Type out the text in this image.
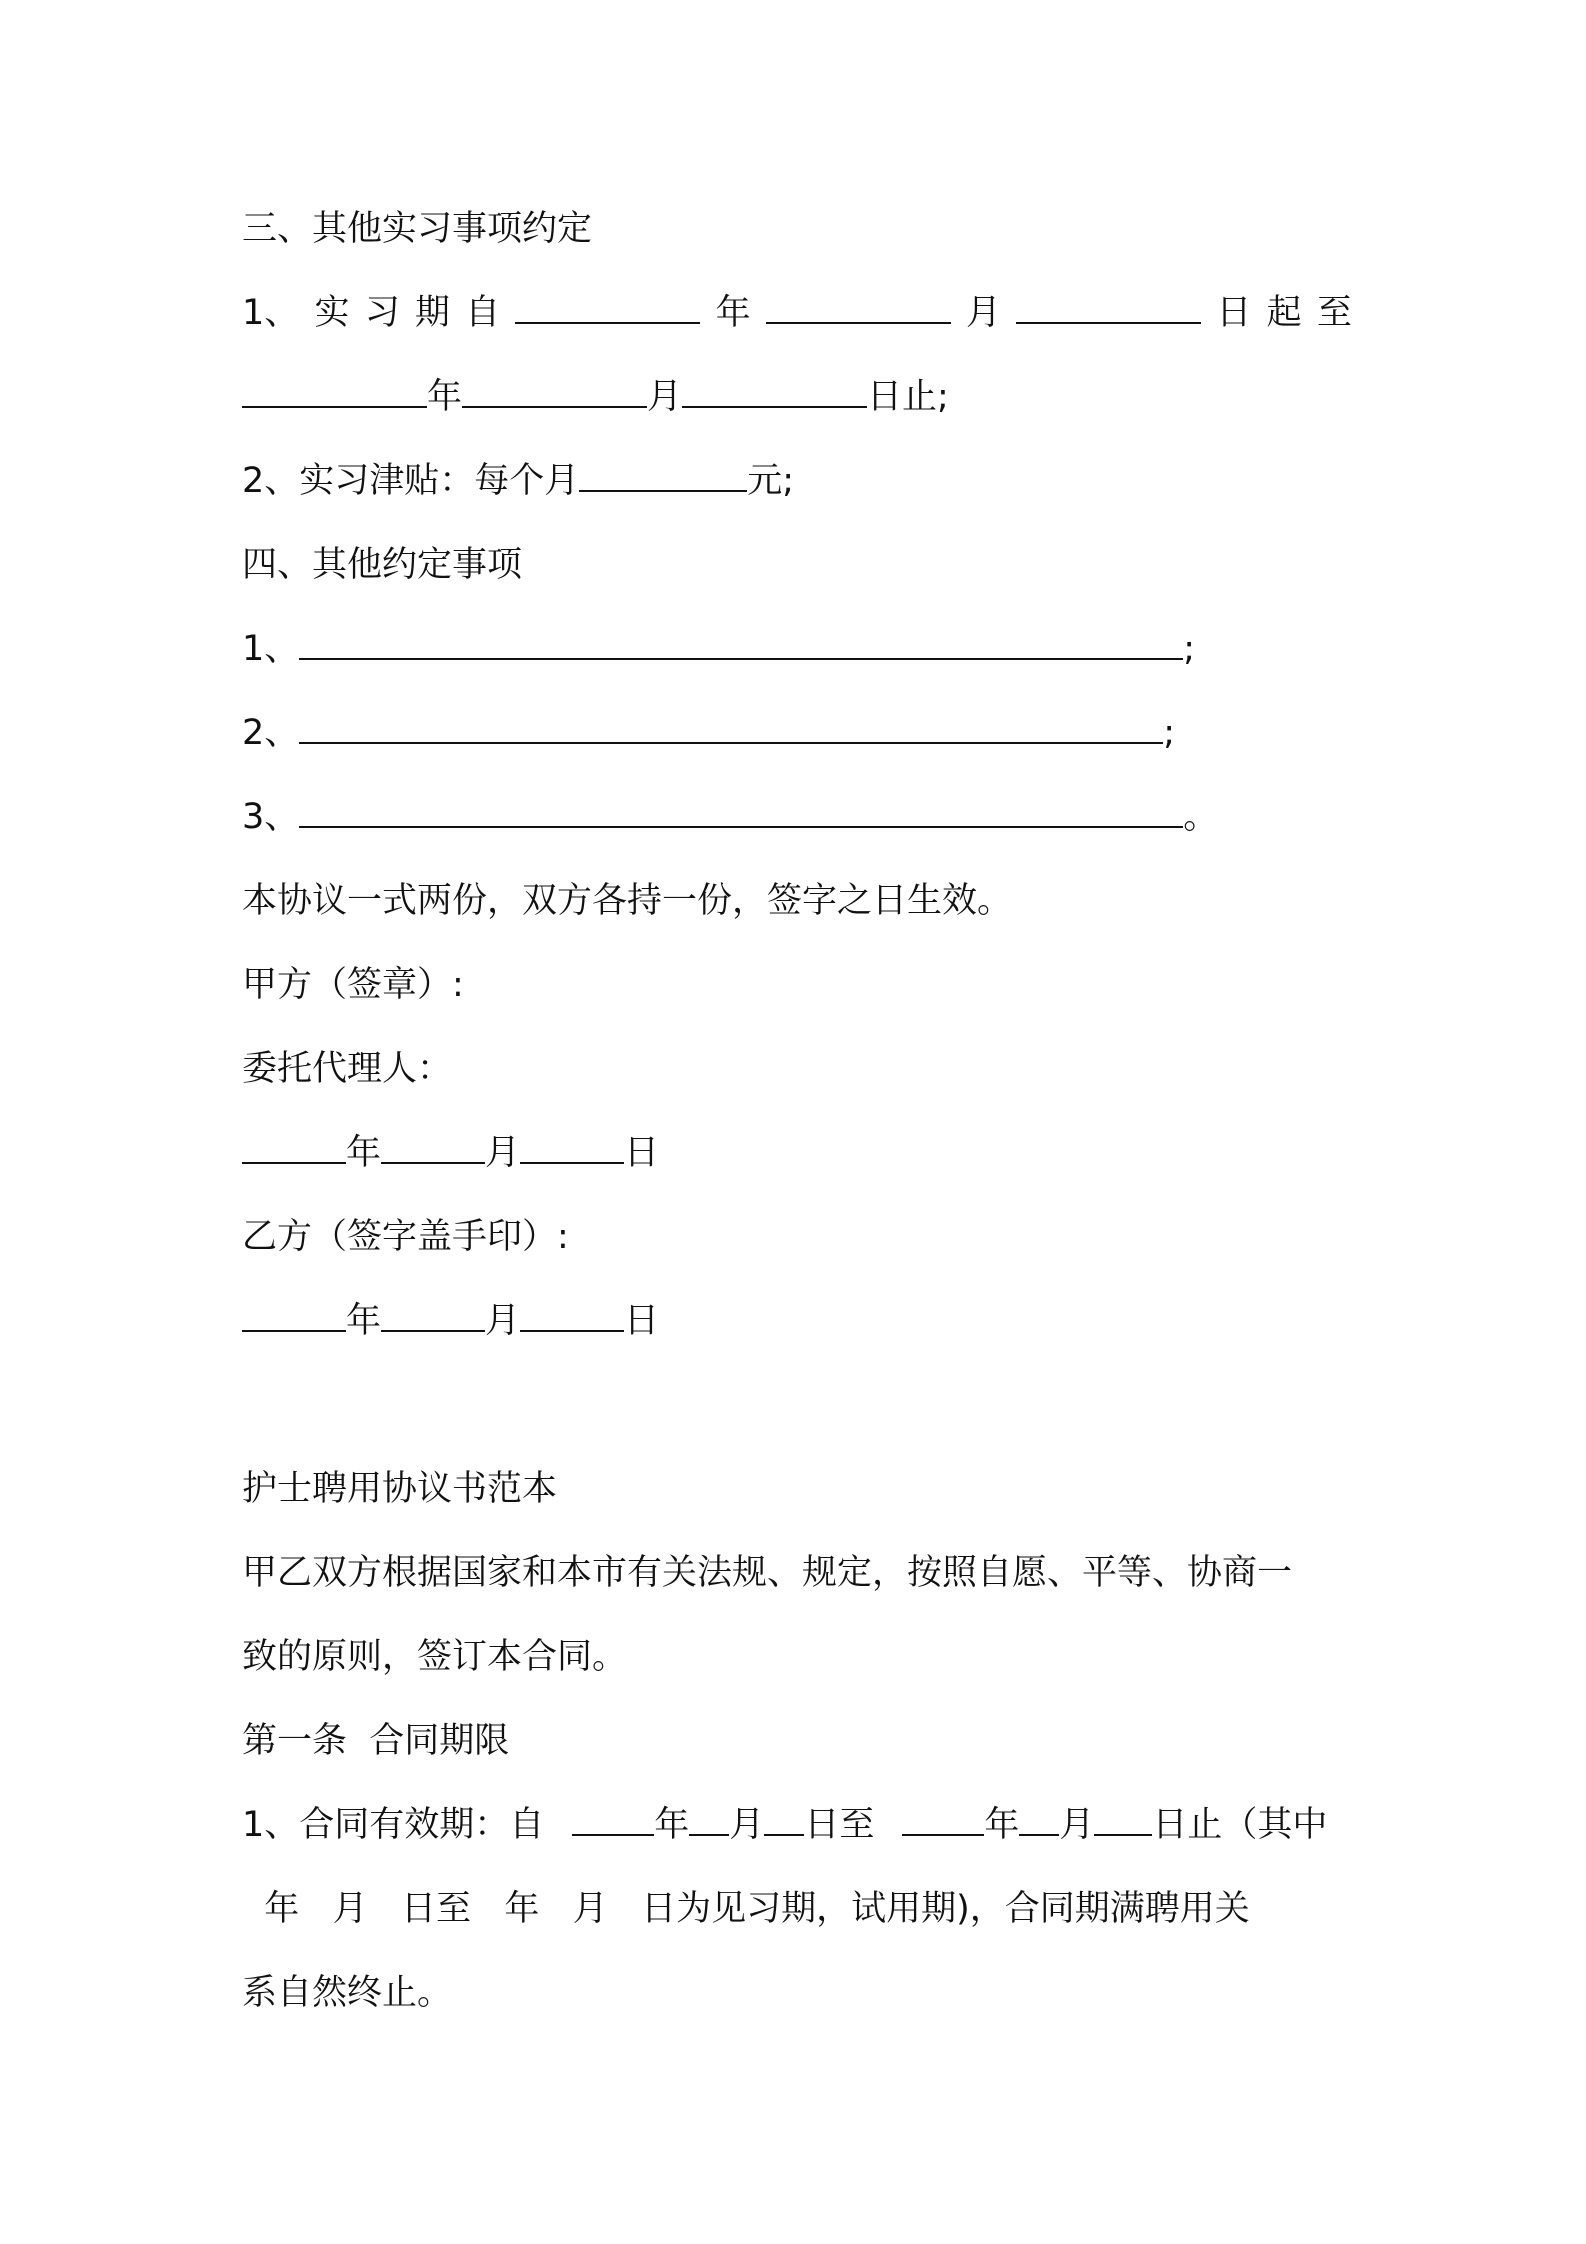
三、其他实习事项约定
1、 实 习 期 自	年	月	日 起 至
年	月	日止;
2、实习津贴：每个月	元;
四、其他约定事项
1、	;
2、	;
3、	。
本协议一式两份，双方各持一份，签字之日生效。
甲方（签章）:
委托代理人：
年	月	日
乙方（签字盖手印）:
年	月	日
护士聘用协议书范本
甲乙双方根据国家和本市有关法规、规定，按照自愿、平等、协商一
致的原则，签订本合同。
第一条  合同期限
1、合同有效期：自	年 月 日至	年 月 日止（其中
年   月   日至   年   月   日为见习期，试用期)，合同期满聘用关
系自然终止。
